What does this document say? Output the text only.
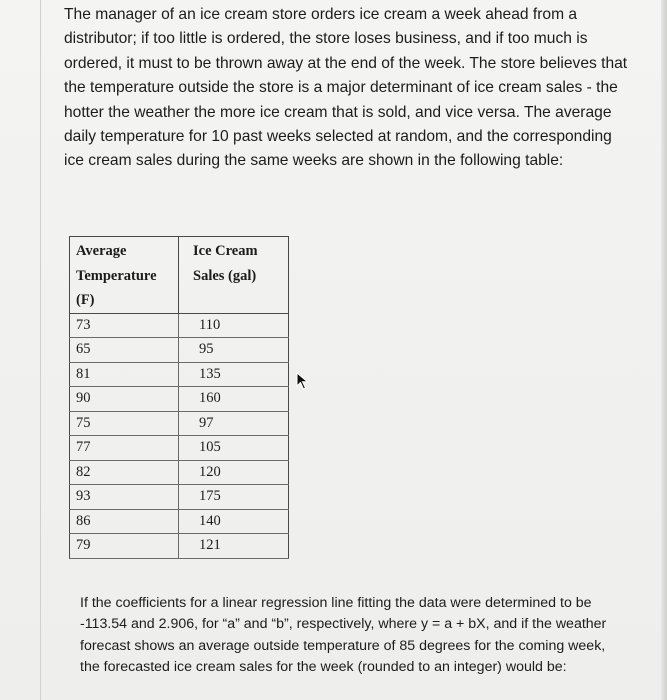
The manager of an ice cream store orders ice cream a week ahead from a distributor; if too little is ordered, the store loses business, and if too much is ordered, it must to be thrown away at the end of the week. The store believes that the temperature outside the store is a major determinant of ice cream sales - the hotter the weather the more ice cream that is sold, and vice versa. The average daily temperature for 10 past weeks selected at random, and the corresponding ice cream sales during the same weeks are shown in the following table:

Average Temperature (F)	Ice Cream Sales (gal)
73	110
65	95
81	135
90	160
75	97
77	105
82	120
93	175
86	140
79	121

If the coefficients for a linear regression line fitting the data were determined to be -113.54 and 2.906, for “a” and “b”, respectively, where y = a + bX, and if the weather forecast shows an average outside temperature of 85 degrees for the coming week, the forecasted ice cream sales for the week (rounded to an integer) would be:
